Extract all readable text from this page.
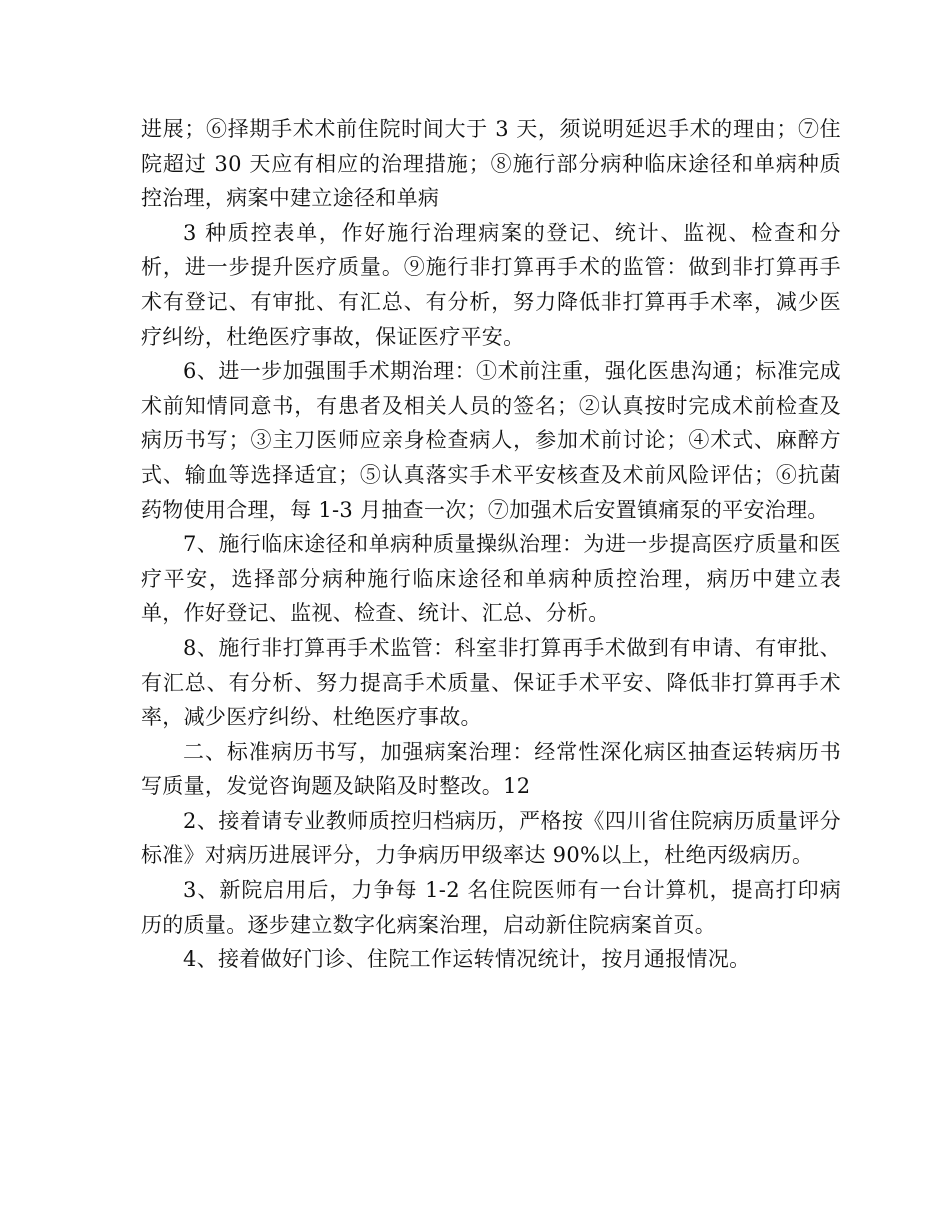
进展；⑥择期手术术前住院时间大于 3 天，须说明延迟手术的理由；⑦住院超过 30 天应有相应的治理措施；⑧施行部分病种临床途径和单病种质控治理，病案中建立途径和单病

3 种质控表单，作好施行治理病案的登记、统计、监视、检查和分析，进一步提升医疗质量。⑨施行非打算再手术的监管：做到非打算再手术有登记、有审批、有汇总、有分析，努力降低非打算再手术率，减少医疗纠纷，杜绝医疗事故，保证医疗平安。

6、进一步加强围手术期治理：①术前注重，强化医患沟通；标准完成术前知情同意书，有患者及相关人员的签名；②认真按时完成术前检查及病历书写；③主刀医师应亲身检查病人，参加术前讨论；④术式、麻醉方式、输血等选择适宜；⑤认真落实手术平安核查及术前风险评估；⑥抗菌药物使用合理，每 1-3 月抽查一次；⑦加强术后安置镇痛泵的平安治理。

7、施行临床途径和单病种质量操纵治理：为进一步提高医疗质量和医疗平安，选择部分病种施行临床途径和单病种质控治理，病历中建立表单，作好登记、监视、检查、统计、汇总、分析。

8、施行非打算再手术监管：科室非打算再手术做到有申请、有审批、有汇总、有分析、努力提高手术质量、保证手术平安、降低非打算再手术率，减少医疗纠纷、杜绝医疗事故。

二、标准病历书写，加强病案治理：经常性深化病区抽查运转病历书写质量，发觉咨询题及缺陷及时整改。12

2、接着请专业教师质控归档病历，严格按《四川省住院病历质量评分标准》对病历进展评分，力争病历甲级率达 90%以上，杜绝丙级病历。

3、新院启用后，力争每 1-2 名住院医师有一台计算机，提高打印病历的质量。逐步建立数字化病案治理，启动新住院病案首页。

4、接着做好门诊、住院工作运转情况统计，按月通报情况。
